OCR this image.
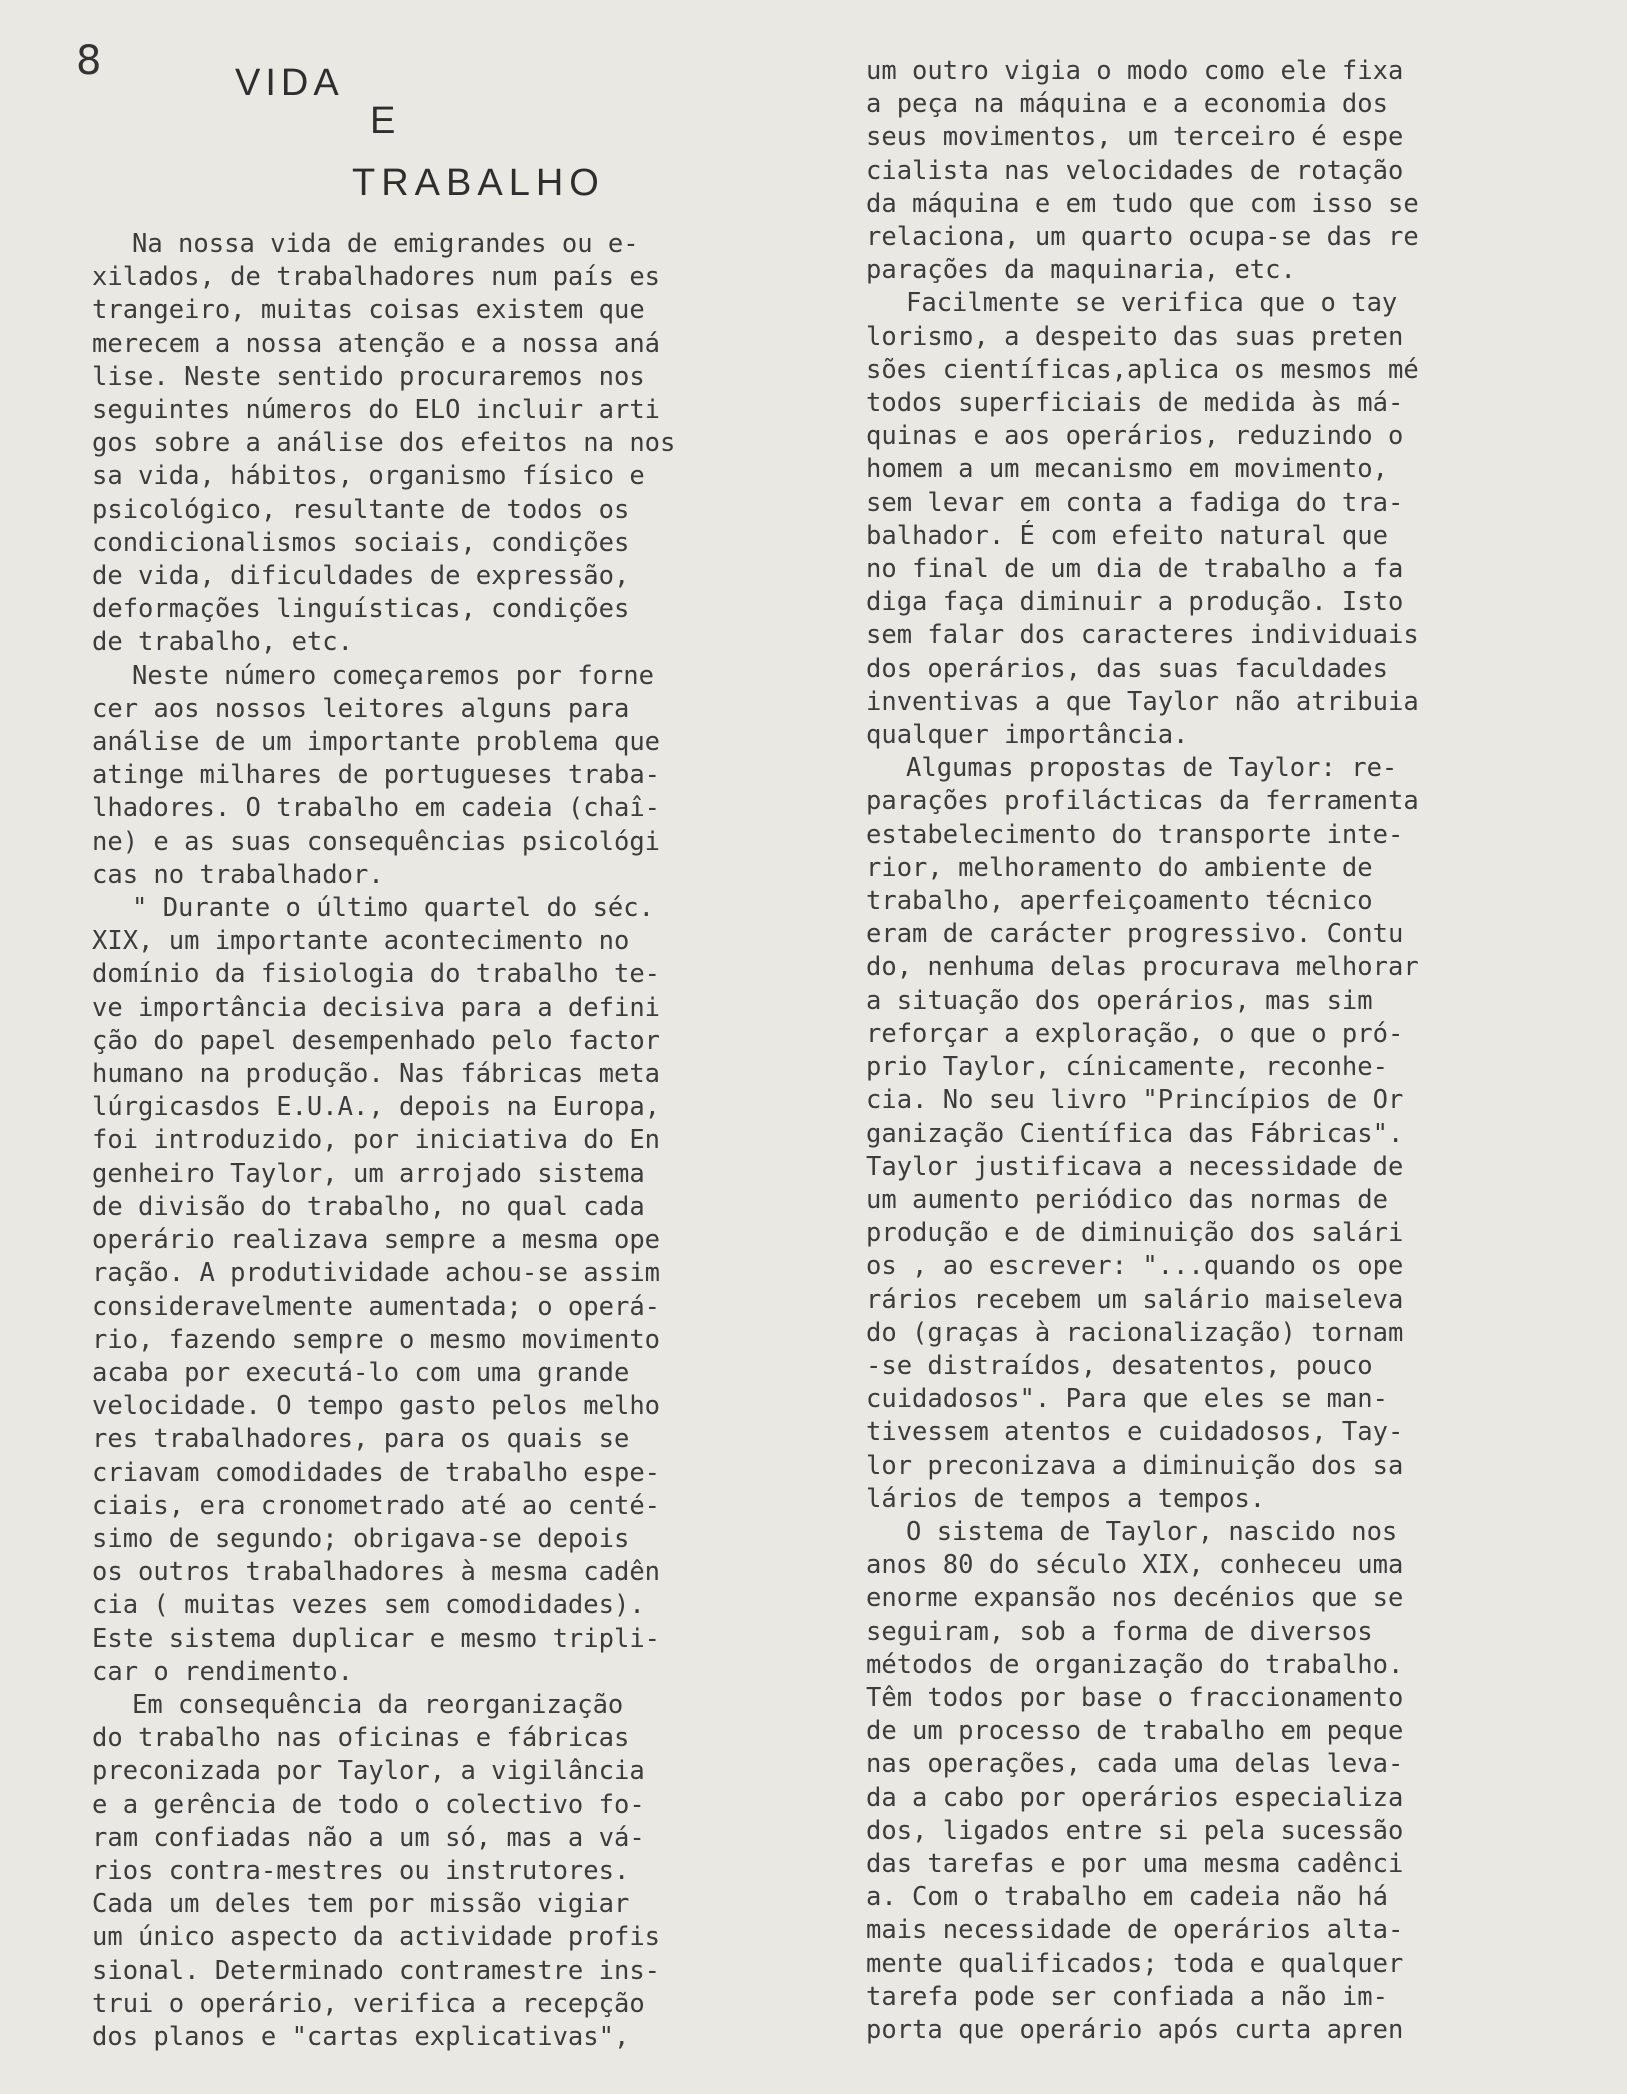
8	VIDA
E
TRABALHO

Na nossa vida de emigrandes ou e-

xilados, de trabalhadores num país es

trangeiro, muitas coisas existem que

merecem a nossa atenção e a nossa aná

lise. Neste sentido procuraremos nos

seguintes números do ELO incluir arti

gos sobre a análise dos efeitos na nos

sa vida, hábitos, organismo físico e

psicológico, resultante de todos os

condicionalismos sociais, condições

de vida, dificuldades de expressão,

deformações linguísticas, condições

de trabalho, etc.

Neste número começaremos por forne

cer aos nossos leitores alguns para

análise de um importante problema que

atinge milhares de portugueses traba-

lhadores. O trabalho em cadeia (chaî-

ne) e as suas consequências psicológi

cas no trabalhador.

" Durante o último quartel do séc.

XIX, um importante acontecimento no

domínio da fisiologia do trabalho te-

ve importância decisiva para a defini

ção do papel desempenhado pelo factor

humano na produção. Nas fábricas meta

lúrgicasdos E.U.A., depois na Europa,

foi introduzido, por iniciativa do En

genheiro Taylor, um arrojado sistema

de divisão do trabalho, no qual cada

operário realizava sempre a mesma ope

ração. A produtividade achou-se assim

consideravelmente aumentada; o operá-

rio, fazendo sempre o mesmo movimento

acaba por executá-lo com uma grande

velocidade. O tempo gasto pelos melho

res trabalhadores, para os quais se

criavam comodidades de trabalho espe-

ciais, era cronometrado até ao centé-

simo de segundo; obrigava-se depois

os outros trabalhadores à mesma cadên

cia ( muitas vezes sem comodidades).

Este sistema duplicar e mesmo tripli-

car o rendimento.

Em consequência da reorganização

do trabalho nas oficinas e fábricas

preconizada por Taylor, a vigilância

e a gerência de todo o colectivo fo-

ram confiadas não a um só, mas a vá-

rios contra-mestres ou instrutores.

Cada um deles tem por missão vigiar

um único aspecto da actividade profis

sional. Determinado contramestre ins-

trui o operário, verifica a recepção

dos planos e "cartas explicativas",

um outro vigia o modo como ele fixa

a peça na máquina e a economia dos

seus movimentos, um terceiro é espe

cialista nas velocidades de rotação

da máquina e em tudo que com isso se

relaciona, um quarto ocupa-se das re

parações da maquinaria, etc.

Facilmente se verifica que o tay

lorismo, a despeito das suas preten

sões científicas,aplica os mesmos mé

todos superficiais de medida às má-

quinas e aos operários, reduzindo o

homem a um mecanismo em movimento,

sem levar em conta a fadiga do tra-

balhador. É com efeito natural que

no final de um dia de trabalho a fa

diga faça diminuir a produção. Isto

sem falar dos caracteres individuais

dos operários, das suas faculdades

inventivas a que Taylor não atribuia

qualquer importância.

Algumas propostas de Taylor: re-

parações profilácticas da ferramenta

estabelecimento do transporte inte-

rior, melhoramento do ambiente de

trabalho, aperfeiçoamento técnico

eram de carácter progressivo. Contu

do, nenhuma delas procurava melhorar

a situação dos operários, mas sim

reforçar a exploração, o que o pró-

prio Taylor, cínicamente, reconhe-

cia. No seu livro "Princípios de Or

ganização Científica das Fábricas".

Taylor justificava a necessidade de

um aumento periódico das normas de

produção e de diminuição dos salári

os , ao escrever: "...quando os ope

rários recebem um salário maiseleva

do (graças à racionalização) tornam

-se distraídos, desatentos, pouco

cuidadosos". Para que eles se man-

tivessem atentos e cuidadosos, Tay-

lor preconizava a diminuição dos sa

lários de tempos a tempos.

O sistema de Taylor, nascido nos

anos 80 do século XIX, conheceu uma

enorme expansão nos decénios que se

seguiram, sob a forma de diversos

métodos de organização do trabalho.

Têm todos por base o fraccionamento

de um processo de trabalho em peque

nas operações, cada uma delas leva-

da a cabo por operários especializa

dos, ligados entre si pela sucessão

das tarefas e por uma mesma cadênci

a. Com o trabalho em cadeia não há

mais necessidade de operários alta-

mente qualificados; toda e qualquer

tarefa pode ser confiada a não im-

porta que operário após curta apren
